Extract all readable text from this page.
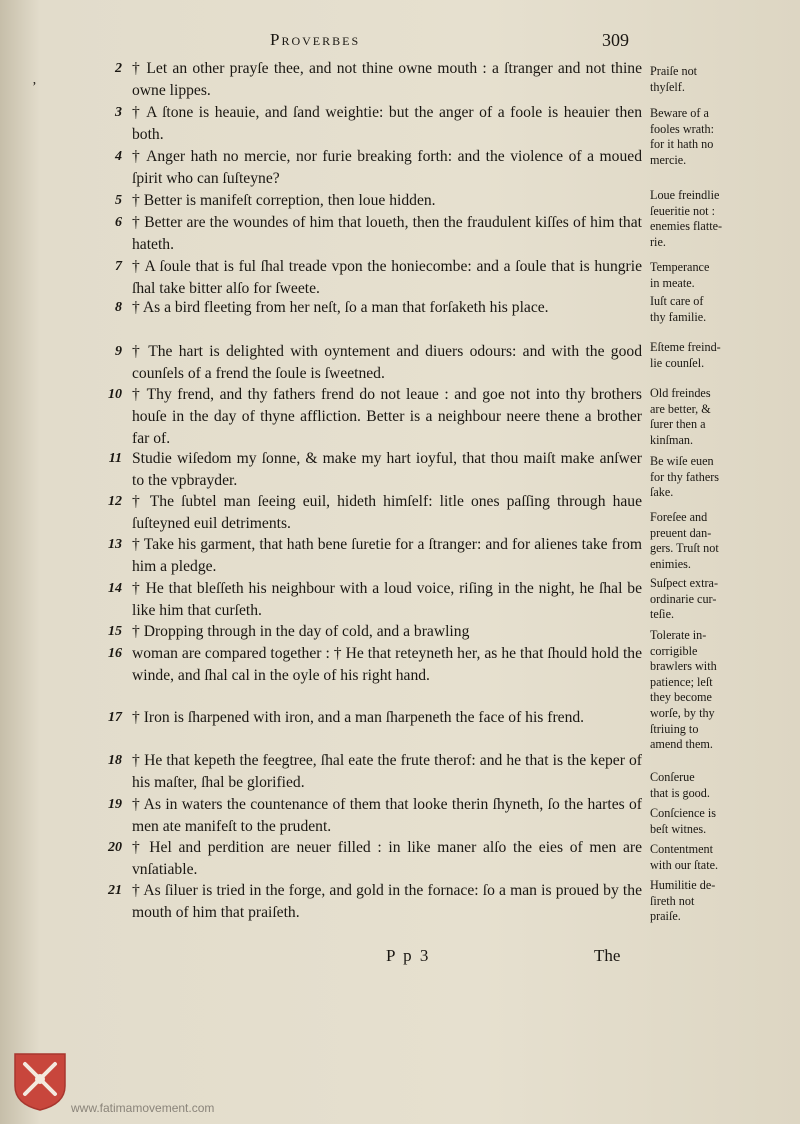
Proverbes	309
’
2 † Let an other prayſe thee, and not thine owne mouth : a ſtranger and not thine owne lippes.
3 † A ſtone is heauie, and ſand weightie: but the anger of a foole is heauier then both.
4 † Anger hath no mercie, nor furie breaking forth: and the violence of a moued ſpirit who can ſuſteyne?
5 † Better is manifeſt correption, then loue hidden.
6 † Better are the woundes of him that loueth, then the fraudulent kiſſes of him that hateth.
7 † A ſoule that is ful ſhal treade vpon the honiecombe: and a ſoule that is hungrie ſhal take bitter alſo for ſweete.
8 † As a bird fleeting from her neſt, ſo a man that forſaketh his place.
9 † The hart is delighted with oyntement and diuers odours: and with the good counſels of a frend the ſoule is ſweetned.
10 † Thy frend, and thy fathers frend do not leaue : and goe not into thy brothers houſe in the day of thyne affliction. Better is a neighbour neere thene a brother far of.
11 Studie wiſedom my ſonne, & make my hart ioyful, that thou maiſt make anſwer to the vpbrayder.
12 † The ſubtel man ſeeing euil, hideth himſelf: litle ones paſſing through haue ſuſteyned euil detriments.
13 † Take his garment, that hath bene ſuretie for a ſtranger: and for alienes take from him a pledge.
14 † He that bleſſeth his neighbour with a loud voice, riſing in the night, he ſhal be like him that curſeth.
15 † Dropping through in the day of cold, and a brawling
16 woman are compared together : † He that reteyneth her, as he that ſhould hold the winde, and ſhal cal in the oyle of his right hand.
17 † Iron is ſharpened with iron, and a man ſharpeneth the face of his frend.
18 † He that kepeth the feegtree, ſhal eate the frute therof: and he that is the keper of his maſter, ſhal be glorified.
19 † As in waters the countenance of them that looke therin ſhyneth, ſo the hartes of men ate manifeſt to the prudent.
20 † Hel and perdition are neuer filled : in like maner alſo the eies of men are vnſatiable.
21 † As ſiluer is tried in the forge, and gold in the fornace: ſo a man is proued by the mouth of him that praiſeth.
Praiſe not
thyſelf.
Beware of a
fooles wrath:
for it hath no
mercie.
Loue freindlie
ſeueritie not :
enemies flatte-
rie.
Temperance
in meate.
Iuſt care of
thy familie.
Eſteme freind-
lie counſel.
Old freindes
are better, &
ſurer then a
kinſman.
Be wiſe euen
for thy fathers
ſake.
Foreſee and
preuent dan-
gers. Truſt not
enimies.
Suſpect extra-
ordinarie cur-
teſie.
Tolerate in-
corrigible
brawlers with
patience; leſt
they become
worſe, by thy
ſtriuing to
amend them.
Conſerue
that is good.
Conſcience is
beſt witnes.
Contentment
with our ſtate.
Humilitie de-
ſireth not
praiſe.
P p 3	The
www.fatimamovement.com
